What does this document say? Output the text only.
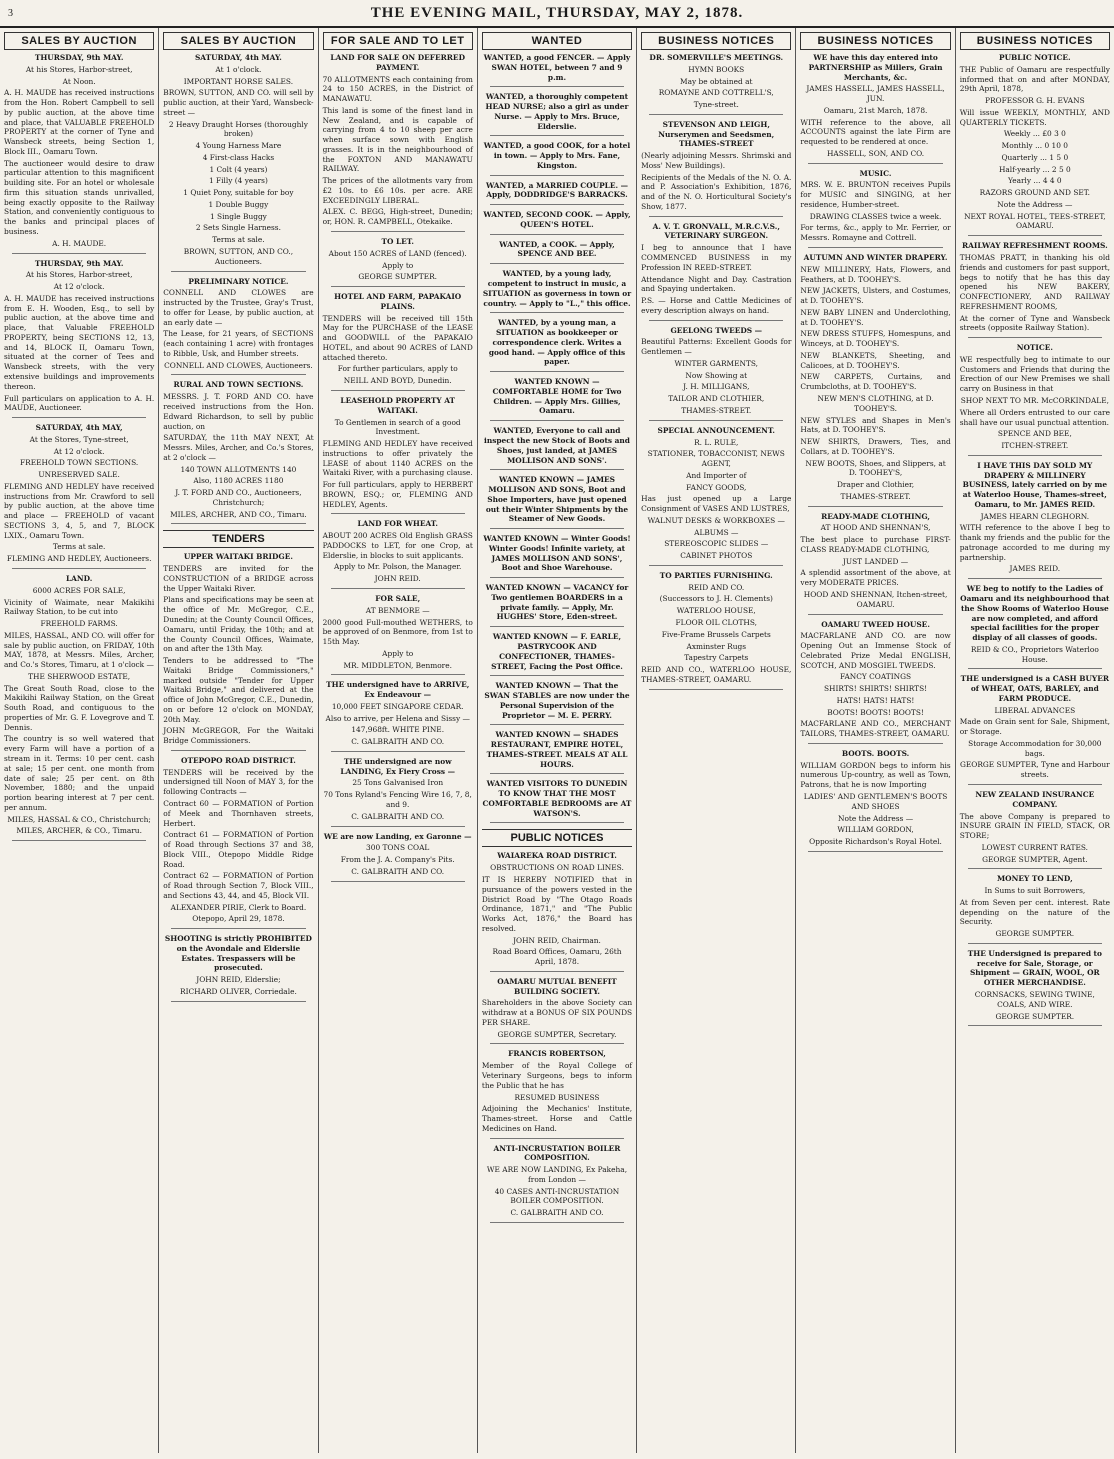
3	THE EVENING MAIL, THURSDAY, MAY 2, 1878.
SALES BY AUCTION

THURSDAY, 9th MAY.

At his Stores, Harbor-street,

At Noon.

A. H. MAUDE has received instructions from the Hon. Robert Campbell to sell by public auction, at the above time and place, that VALUABLE FREEHOLD PROPERTY at the corner of Tyne and Wansbeck streets, being Section 1, Block III., Oamaru Town.

The auctioneer would desire to draw particular attention to this magnificent building site. For an hotel or wholesale firm this situation stands unrivalled, being exactly opposite to the Railway Station, and conveniently contiguous to the banks and principal places of business.

A. H. MAUDE.

THURSDAY, 9th MAY.

At his Stores, Harbor-street,

At 12 o'clock.

A. H. MAUDE has received instructions from E. H. Wooden, Esq., to sell by public auction, at the above time and place, that Valuable FREEHOLD PROPERTY, being SECTIONS 12, 13, and 14, BLOCK II, Oamaru Town, situated at the corner of Tees and Wansbeck streets, with the very extensive buildings and improvements thereon.

Full particulars on application to A. H. MAUDE, Auctioneer.

SATURDAY, 4th MAY,

At the Stores, Tyne-street,

At 12 o'clock.

FREEHOLD TOWN SECTIONS.

UNRESERVED SALE.

FLEMING AND HEDLEY have received instructions from Mr. Crawford to sell by public auction, at the above time and place — FREEHOLD of vacant SECTIONS 3, 4, 5, and 7, BLOCK LXIX., Oamaru Town.

Terms at sale.

FLEMING AND HEDLEY, Auctioneers.

LAND.

6000 ACRES FOR SALE,

Vicinity of Waimate, near Makikihi Railway Station, to be cut into

FREEHOLD FARMS.

MILES, HASSAL, AND CO. will offer for sale by public auction, on FRIDAY, 10th MAY, 1878, at Messrs. Miles, Archer, and Co.'s Stores, Timaru, at 1 o'clock —

THE SHERWOOD ESTATE,

The Great South Road, close to the Makikihi Railway Station, on the Great South Road, and contiguous to the properties of Mr. G. F. Lovegrove and T. Dennis.

The country is so well watered that every Farm will have a portion of a stream in it. Terms: 10 per cent. cash at sale; 15 per cent. one month from date of sale; 25 per cent. on 8th November, 1880; and the unpaid portion bearing interest at 7 per cent. per annum.

MILES, HASSAL & CO., Christchurch;

MILES, ARCHER, & CO., Timaru.

SALES BY AUCTION

SATURDAY, 4th MAY.

At 1 o'clock.

IMPORTANT HORSE SALES.

BROWN, SUTTON, AND CO. will sell by public auction, at their Yard, Wansbeck-street —

2 Heavy Draught Horses (thoroughly broken)

4 Young Harness Mare

4 First-class Hacks

1 Colt (4 years)

1 Filly (4 years)

1 Quiet Pony, suitable for boy

1 Double Buggy

1 Single Buggy

2 Sets Single Harness.

Terms at sale.

BROWN, SUTTON, AND CO., Auctioneers.

PRELIMINARY NOTICE.

CONNELL AND CLOWES are instructed by the Trustee, Gray's Trust, to offer for Lease, by public auction, at an early date —

The Lease, for 21 years, of SECTIONS (each containing 1 acre) with frontages to Ribble, Usk, and Humber streets.

CONNELL AND CLOWES, Auctioneers.

RURAL AND TOWN SECTIONS.

MESSRS. J. T. FORD AND CO. have received instructions from the Hon. Edward Richardson, to sell by public auction, on

SATURDAY, the 11th MAY NEXT, At Messrs. Miles, Archer, and Co.'s Stores, at 2 o'clock —

140 TOWN ALLOTMENTS 140

Also, 1180 ACRES 1180

J. T. FORD AND CO., Auctioneers, Christchurch;

MILES, ARCHER, AND CO., Timaru.

TENDERS

UPPER WAITAKI BRIDGE.

TENDERS are invited for the CONSTRUCTION of a BRIDGE across the Upper Waitaki River.

Plans and specifications may be seen at the office of Mr. McGregor, C.E., Dunedin; at the County Council Offices, Oamaru, until Friday, the 10th; and at the County Council Offices, Waimate, on and after the 13th May.

Tenders to be addressed to "The Waitaki Bridge Commissioners," marked outside "Tender for Upper Waitaki Bridge," and delivered at the office of John McGregor, C.E., Dunedin, on or before 12 o'clock on MONDAY, 20th May.

JOHN McGREGOR, For the Waitaki Bridge Commissioners.

OTEPOPO ROAD DISTRICT.

TENDERS will be received by the undersigned till Noon of MAY 3, for the following Contracts —

Contract 60 — FORMATION of Portion of Meek and Thornhaven streets, Herbert.

Contract 61 — FORMATION of Portion of Road through Sections 37 and 38, Block VIII., Otepopo Middle Ridge Road.

Contract 62 — FORMATION of Portion of Road through Section 7, Block VIII., and Sections 43, 44, and 45, Block VII.

ALEXANDER PIRIE, Clerk to Board.

Otepopo, April 29, 1878.

SHOOTING is strictly PROHIBITED on the Avondale and Elderslie Estates. Trespassers will be prosecuted.

JOHN REID, Elderslie;

RICHARD OLIVER, Corriedale.

FOR SALE AND TO LET

LAND FOR SALE ON DEFERRED PAYMENT.

70 ALLOTMENTS each containing from 24 to 150 ACRES, in the District of MANAWATU.

This land is some of the finest land in New Zealand, and is capable of carrying from 4 to 10 sheep per acre when surface sown with English grasses. It is in the neighbourhood of the FOXTON AND MANAWATU RAILWAY.

The prices of the allotments vary from £2 10s. to £6 10s. per acre. ARE EXCEEDINGLY LIBERAL.

ALEX. C. BEGG, High-street, Dunedin; or, HON. R. CAMPBELL, Otekaike.

TO LET.

About 150 ACRES of LAND (fenced).

Apply to

GEORGE SUMPTER.

HOTEL AND FARM, PAPAKAIO PLAINS.

TENDERS will be received till 15th May for the PURCHASE of the LEASE and GOODWILL of the PAPAKAIO HOTEL, and about 90 ACRES of LAND attached thereto.

For further particulars, apply to

NEILL AND BOYD, Dunedin.

LEASEHOLD PROPERTY AT WAITAKI.

To Gentlemen in search of a good Investment.

FLEMING AND HEDLEY have received instructions to offer privately the LEASE of about 1140 ACRES on the Waitaki River, with a purchasing clause.

For full particulars, apply to HERBERT BROWN, ESQ.; or, FLEMING AND HEDLEY, Agents.

LAND FOR WHEAT.

ABOUT 200 ACRES Old English GRASS PADDOCKS to LET, for one Crop, at Elderslie, in blocks to suit applicants.

Apply to Mr. Polson, the Manager.

JOHN REID.

FOR SALE,

AT BENMORE —

2000 good Full-mouthed WETHERS, to be approved of on Benmore, from 1st to 15th May.

Apply to

MR. MIDDLETON, Benmore.

THE undersigned have to ARRIVE, Ex Endeavour —

10,000 FEET SINGAPORE CEDAR.

Also to arrive, per Helena and Sissy —

147,968ft. WHITE PINE.

C. GALBRAITH AND CO.

THE undersigned are now LANDING, Ex Fiery Cross —

25 Tons Galvanised Iron

70 Tons Ryland's Fencing Wire 16, 7, 8, and 9.

C. GALBRAITH AND CO.

WE are now Landing, ex Garonne —

300 TONS COAL

From the J. A. Company's Pits.

C. GALBRAITH AND CO.

WANTED

WANTED, a good FENCER. — Apply SWAN HOTEL, between 7 and 9 p.m.

WANTED, a thoroughly competent HEAD NURSE; also a girl as under Nurse. — Apply to Mrs. Bruce, Elderslie.

WANTED, a good COOK, for a hotel in town. — Apply to Mrs. Fane, Kingston.

WANTED, a MARRIED COUPLE. — Apply, DODDRIDGE'S BARRACKS.

WANTED, SECOND COOK. — Apply, QUEEN'S HOTEL.

WANTED, a COOK. — Apply, SPENCE AND BEE.

WANTED, by a young lady, competent to instruct in music, a SITUATION as governess in town or country. — Apply to "L.," this office.

WANTED, by a young man, a SITUATION as bookkeeper or correspondence clerk. Writes a good hand. — Apply office of this paper.

WANTED KNOWN — COMFORTABLE HOME for Two Children. — Apply Mrs. Gillies, Oamaru.

WANTED, Everyone to call and inspect the new Stock of Boots and Shoes, just landed, at JAMES MOLLISON AND SONS'.

WANTED KNOWN — JAMES MOLLISON AND SONS, Boot and Shoe Importers, have just opened out their Winter Shipments by the Steamer of New Goods.

WANTED KNOWN — Winter Goods! Winter Goods! Infinite variety, at JAMES MOLLISON AND SONS', Boot and Shoe Warehouse.

WANTED KNOWN — VACANCY for Two gentlemen BOARDERS in a private family. — Apply, Mr. HUGHES' Store, Eden-street.

WANTED KNOWN — F. EARLE, PASTRYCOOK AND CONFECTIONER, THAMES-STREET, Facing the Post Office.

WANTED KNOWN — That the SWAN STABLES are now under the Personal Supervision of the Proprietor — M. E. PERRY.

WANTED KNOWN — SHADES RESTAURANT, EMPIRE HOTEL, THAMES-STREET. MEALS AT ALL HOURS.

WANTED VISITORS TO DUNEDIN TO KNOW THAT THE MOST COMFORTABLE BEDROOMS are AT WATSON'S.

PUBLIC NOTICES

WAIAREKA ROAD DISTRICT.

OBSTRUCTIONS ON ROAD LINES.

IT IS HEREBY NOTIFIED that in pursuance of the powers vested in the District Road by "The Otago Roads Ordinance, 1871," and "The Public Works Act, 1876," the Board has resolved.

JOHN REID, Chairman.

Road Board Offices, Oamaru, 26th April, 1878.

OAMARU MUTUAL BENEFIT BUILDING SOCIETY.

Shareholders in the above Society can withdraw at a BONUS OF SIX POUNDS PER SHARE.

GEORGE SUMPTER, Secretary.

FRANCIS ROBERTSON,

Member of the Royal College of Veterinary Surgeons, begs to inform the Public that he has

RESUMED BUSINESS

Adjoining the Mechanics' Institute, Thames-street. Horse and Cattle Medicines on Hand.

ANTI-INCRUSTATION BOILER COMPOSITION.

WE ARE NOW LANDING, Ex Pakeha, from London —

40 CASES ANTI-INCRUSTATION BOILER COMPOSITION.

C. GALBRAITH AND CO.

BUSINESS NOTICES

DR. SOMERVILLE'S MEETINGS.

HYMN BOOKS

May be obtained at

ROMAYNE AND COTTRELL'S,

Tyne-street.

STEVENSON AND LEIGH, Nurserymen and Seedsmen, THAMES-STREET

(Nearly adjoining Messrs. Shrimski and Moss' New Buildings).

Recipients of the Medals of the N. O. A. and P. Association's Exhibition, 1876, and of the N. O. Horticultural Society's Show, 1877.

A. V. T. GRONVALL, M.R.C.V.S., VETERINARY SURGEON.

I beg to announce that I have COMMENCED BUSINESS in my Profession IN REED-STREET.

Attendance Night and Day. Castration and Spaying undertaken.

P.S. — Horse and Cattle Medicines of every description always on hand.

GEELONG TWEEDS —

Beautiful Patterns: Excellent Goods for Gentlemen —

WINTER GARMENTS,

Now Showing at

J. H. MILLIGANS,

TAILOR AND CLOTHIER,

THAMES-STREET.

SPECIAL ANNOUNCEMENT.

R. L. RULE,

STATIONER, TOBACCONIST, NEWS AGENT,

And Importer of

FANCY GOODS,

Has just opened up a Large Consignment of VASES AND LUSTRES,

WALNUT DESKS & WORKBOXES —

ALBUMS —

STEREOSCOPIC SLIDES —

CABINET PHOTOS

TO PARTIES FURNISHING.

REID AND CO.

(Successors to J. H. Clements)

WATERLOO HOUSE,

FLOOR OIL CLOTHS,

Five-Frame Brussels Carpets

Axminster Rugs

Tapestry Carpets

REID AND CO., WATERLOO HOUSE, THAMES-STREET, OAMARU.

BUSINESS NOTICES

WE have this day entered into PARTNERSHIP as Millers, Grain Merchants, &c.

JAMES HASSELL, JAMES HASSELL, JUN.

Oamaru, 21st March, 1878.

WITH reference to the above, all ACCOUNTS against the late Firm are requested to be rendered at once.

HASSELL, SON, AND CO.

MUSIC.

MRS. W. E. BRUNTON receives Pupils for MUSIC and SINGING, at her residence, Humber-street.

DRAWING CLASSES twice a week.

For terms, &c., apply to Mr. Ferrier, or Messrs. Romayne and Cottrell.

AUTUMN AND WINTER DRAPERY.

NEW MILLINERY, Hats, Flowers, and Feathers, at D. TOOHEY'S.

NEW JACKETS, Ulsters, and Costumes, at D. TOOHEY'S.

NEW BABY LINEN and Underclothing, at D. TOOHEY'S.

NEW DRESS STUFFS, Homespuns, and Winceys, at D. TOOHEY'S.

NEW BLANKETS, Sheeting, and Calicoes, at D. TOOHEY'S.

NEW CARPETS, Curtains, and Crumbcloths, at D. TOOHEY'S.

NEW MEN'S CLOTHING, at D. TOOHEY'S.

NEW STYLES and Shapes in Men's Hats, at D. TOOHEY'S.

NEW SHIRTS, Drawers, Ties, and Collars, at D. TOOHEY'S.

NEW BOOTS, Shoes, and Slippers, at D. TOOHEY'S,

Draper and Clothier,

THAMES-STREET.

READY-MADE CLOTHING,

AT HOOD AND SHENNAN'S,

The best place to purchase FIRST-CLASS READY-MADE CLOTHING,

JUST LANDED —

A splendid assortment of the above, at very MODERATE PRICES.

HOOD AND SHENNAN, Itchen-street, OAMARU.

OAMARU TWEED HOUSE.

MACFARLANE AND CO. are now Opening Out an Immense Stock of Celebrated Prize Medal ENGLISH, SCOTCH, AND MOSGIEL TWEEDS.

FANCY COATINGS

SHIRTS! SHIRTS! SHIRTS!

HATS! HATS! HATS!

BOOTS! BOOTS! BOOTS!

MACFARLANE AND CO., MERCHANT TAILORS, THAMES-STREET, OAMARU.

BOOTS. BOOTS.

WILLIAM GORDON begs to inform his numerous Up-country, as well as Town, Patrons, that he is now Importing

LADIES' AND GENTLEMEN'S BOOTS AND SHOES

Note the Address —

WILLIAM GORDON,

Opposite Richardson's Royal Hotel.

BUSINESS NOTICES

PUBLIC NOTICE.

THE Public of Oamaru are respectfully informed that on and after MONDAY, 29th April, 1878,

PROFESSOR G. H. EVANS

Will issue WEEKLY, MONTHLY, AND QUARTERLY TICKETS.

Weekly ... £0 3 0

Monthly ... 0 10 0

Quarterly ... 1 5 0

Half-yearly ... 2 5 0

Yearly ... 4 4 0

RAZORS GROUND AND SET.

Note the Address —

NEXT ROYAL HOTEL, TEES-STREET, OAMARU.

RAILWAY REFRESHMENT ROOMS.

THOMAS PRATT, in thanking his old friends and customers for past support, begs to notify that he has this day opened his NEW BAKERY, CONFECTIONERY, AND RAILWAY REFRESHMENT ROOMS,

At the corner of Tyne and Wansbeck streets (opposite Railway Station).

NOTICE.

WE respectfully beg to intimate to our Customers and Friends that during the Erection of our New Premises we shall carry on Business in that

SHOP NEXT TO MR. McCORKINDALE,

Where all Orders entrusted to our care shall have our usual punctual attention.

SPENCE AND BEE,

ITCHEN-STREET.

I HAVE THIS DAY SOLD MY DRAPERY & MILLINERY BUSINESS, lately carried on by me at Waterloo House, Thames-street, Oamaru, to Mr. JAMES REID.

JAMES HEARN CLEGHORN.

WITH reference to the above I beg to thank my friends and the public for the patronage accorded to me during my partnership.

JAMES REID.

WE beg to notify to the Ladies of Oamaru and its neighbourhood that the Show Rooms of Waterloo House are now completed, and afford special facilities for the proper display of all classes of goods.

REID & CO., Proprietors Waterloo House.

THE undersigned is a CASH BUYER of WHEAT, OATS, BARLEY, and FARM PRODUCE.

LIBERAL ADVANCES

Made on Grain sent for Sale, Shipment, or Storage.

Storage Accommodation for 30,000 bags.

GEORGE SUMPTER, Tyne and Harbour streets.

NEW ZEALAND INSURANCE COMPANY.

The above Company is prepared to INSURE GRAIN IN FIELD, STACK, OR STORE;

LOWEST CURRENT RATES.

GEORGE SUMPTER, Agent.

MONEY TO LEND,

In Sums to suit Borrowers,

At from Seven per cent. interest. Rate depending on the nature of the Security.

GEORGE SUMPTER.

THE Undersigned is prepared to receive for Sale, Storage, or Shipment — GRAIN, WOOL, OR OTHER MERCHANDISE.

CORNSACKS, SEWING TWINE, COALS, AND WIRE.

GEORGE SUMPTER.
